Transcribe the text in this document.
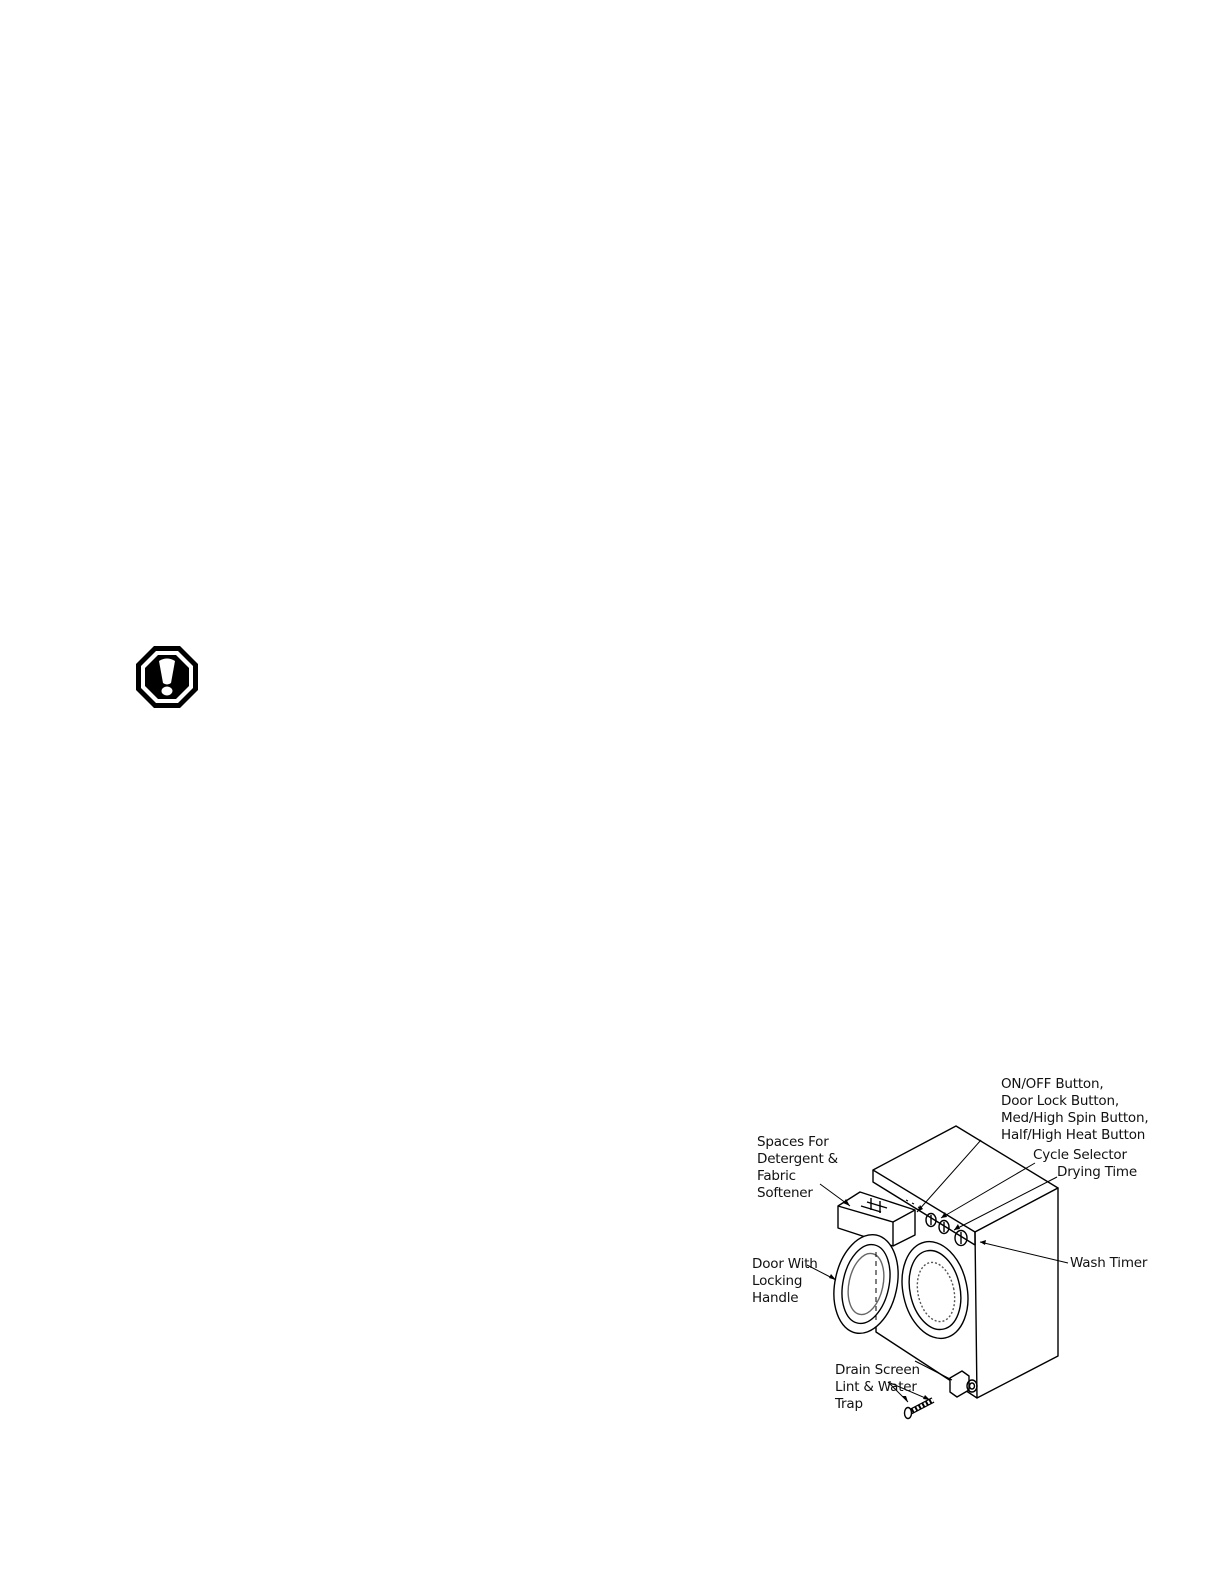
ON/OFF Button,
Door Lock Button,
Med/High Spin Button,
Half/High Heat Button
Cycle Selector
Drying Time
Spaces For
Detergent &
Fabric
Softener
Wash Timer
Door With
Locking
Handle
Drain Screen
Lint & Water
Trap
